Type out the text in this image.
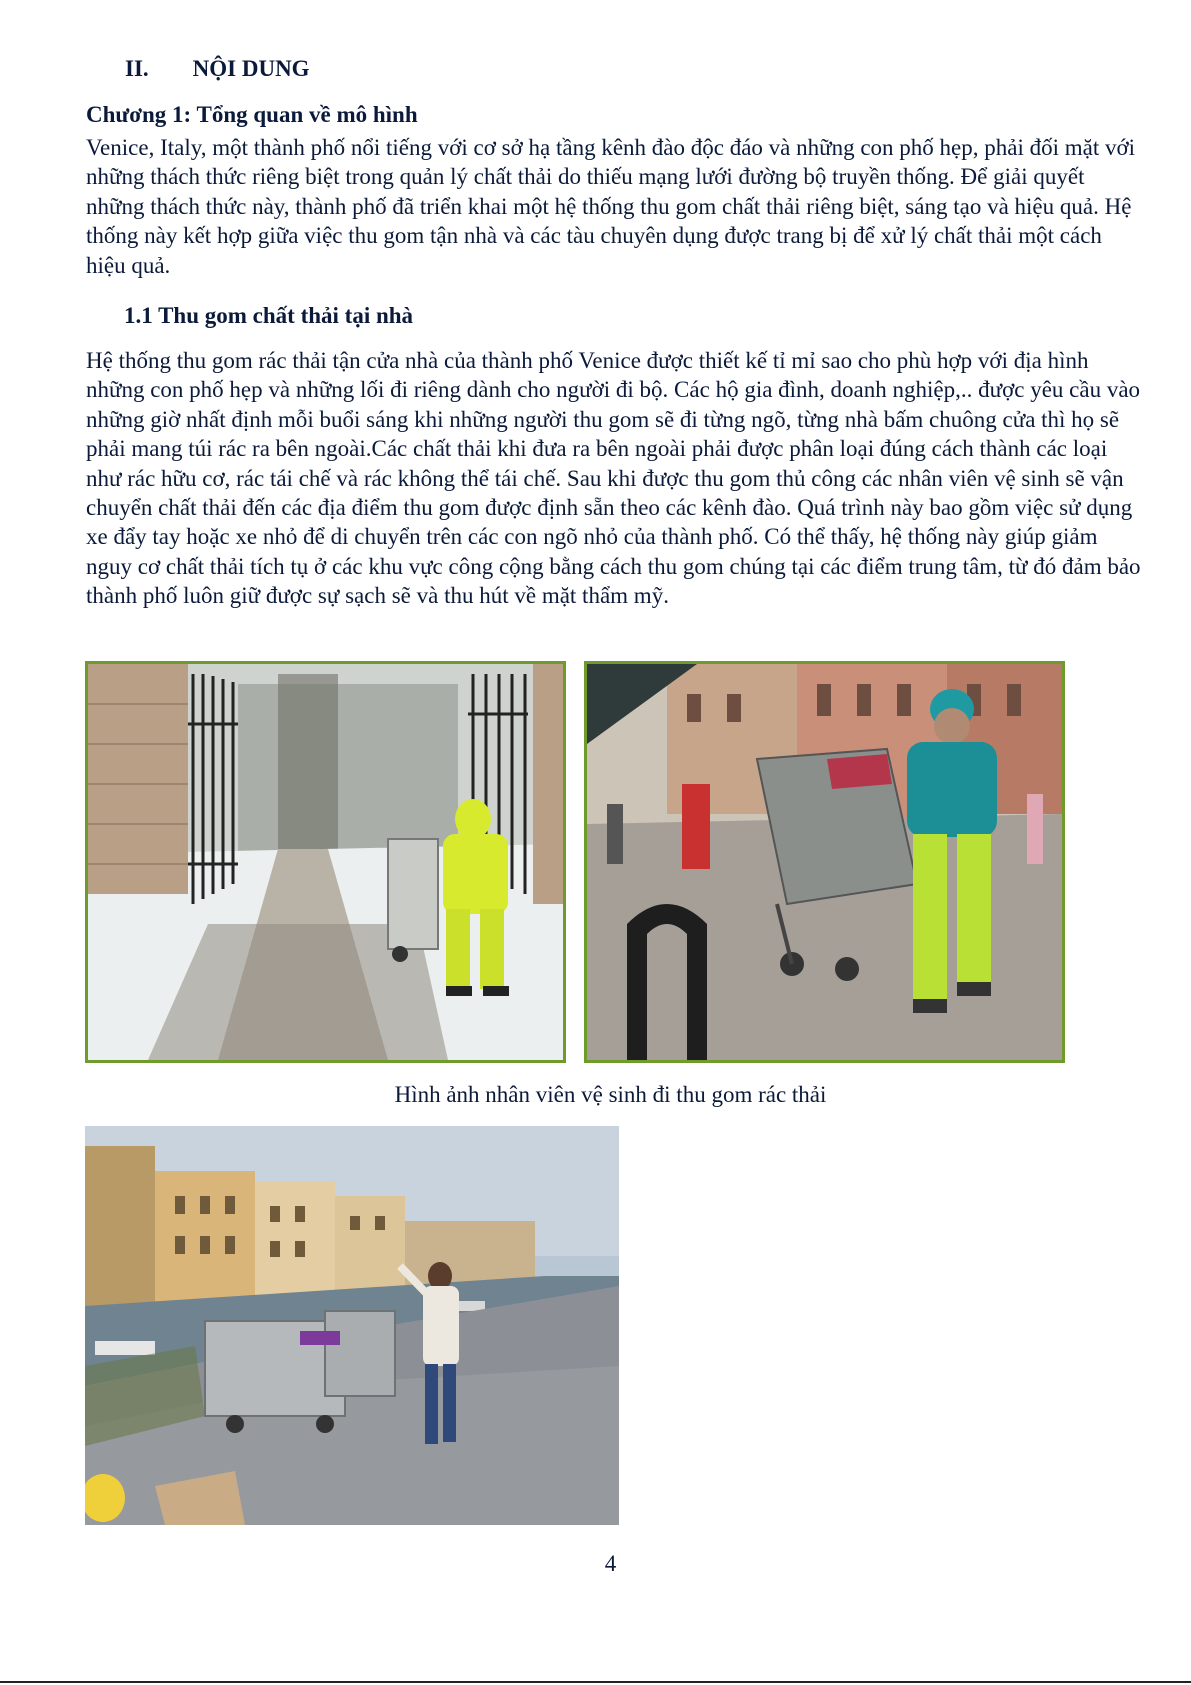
II. NỘI DUNG
Chương 1: Tổng quan về mô hình
Venice, Italy, một thành phố nổi tiếng với cơ sở hạ tầng kênh đào độc đáo và những con phố hẹp, phải đối mặt với những thách thức riêng biệt trong quản lý chất thải do thiếu mạng lưới đường bộ truyền thống. Để giải quyết những thách thức này, thành phố đã triển khai một hệ thống thu gom chất thải riêng biệt, sáng tạo và hiệu quả. Hệ thống này kết hợp giữa việc thu gom tận nhà và các tàu chuyên dụng được trang bị để xử lý chất thải một cách hiệu quả.
1.1 Thu gom chất thải tại nhà
Hệ thống thu gom rác thải tận cửa nhà của thành phố Venice được thiết kế tỉ mỉ sao cho phù hợp với địa hình những con phố hẹp và những lối đi riêng dành cho người đi bộ. Các hộ gia đình, doanh nghiệp,.. được yêu cầu vào những giờ nhất định mỗi buổi sáng khi những người thu gom sẽ đi từng ngõ, từng nhà bấm chuông cửa thì họ sẽ phải mang túi rác ra bên ngoài.Các chất thải khi đưa ra bên ngoài phải được phân loại đúng cách thành các loại như rác hữu cơ, rác tái chế và rác không thể tái chế. Sau khi được thu gom thủ công các nhân viên vệ sinh sẽ vận chuyển chất thải đến các địa điểm thu gom được định sẵn theo các kênh đào. Quá trình này bao gồm việc sử dụng xe đẩy tay hoặc xe nhỏ để di chuyển trên các con ngõ nhỏ của thành phố. Có thể thấy, hệ thống này giúp giảm nguy cơ chất thải tích tụ ở các khu vực công cộng bằng cách thu gom chúng tại các điểm trung tâm, từ đó đảm bảo thành phố luôn giữ được sự sạch sẽ và thu hút về mặt thẩm mỹ.
Hình ảnh nhân viên vệ sinh đi thu gom rác thải
4
